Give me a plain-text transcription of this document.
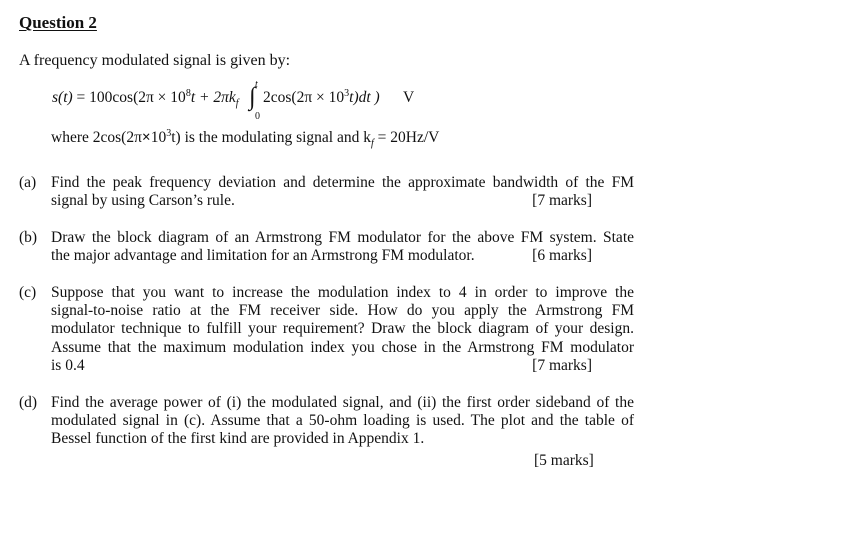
Question 2
A frequency modulated signal is given by:
$s(t) = 100\cos(2\pi \times 10^8t + 2\pi k_f$
t
∫
0
$2\cos(2\pi \times 10^3t)dt$ ) V
where $2\cos(2\pi\times 10^3t)$ is the modulating signal and $k_f = 20Hz/V$
(a) Find the peak frequency deviation and determine the approximate bandwidth of the FM
signal by using Carson’s rule.	[7 marks]
(b) Draw the block diagram of an Armstrong FM modulator for the above FM system. State
the major advantage and limitation for an Armstrong FM modulator.	[6 marks]
(c) Suppose that you want to increase the modulation index to 4 in order to improve the
signal-to-noise ratio at the FM receiver side. How do you apply the Armstrong FM
modulator technique to fulfill your requirement? Draw the block diagram of your design.
Assume that the maximum modulation index you chose in the Armstrong FM modulator
is 0.4	[7 marks]
(d) Find the average power of (i) the modulated signal, and (ii) the first order sideband of the
modulated signal in (c). Assume that a 50-ohm loading is used. The plot and the table of
Bessel function of the first kind are provided in Appendix 1.
[5 marks]
